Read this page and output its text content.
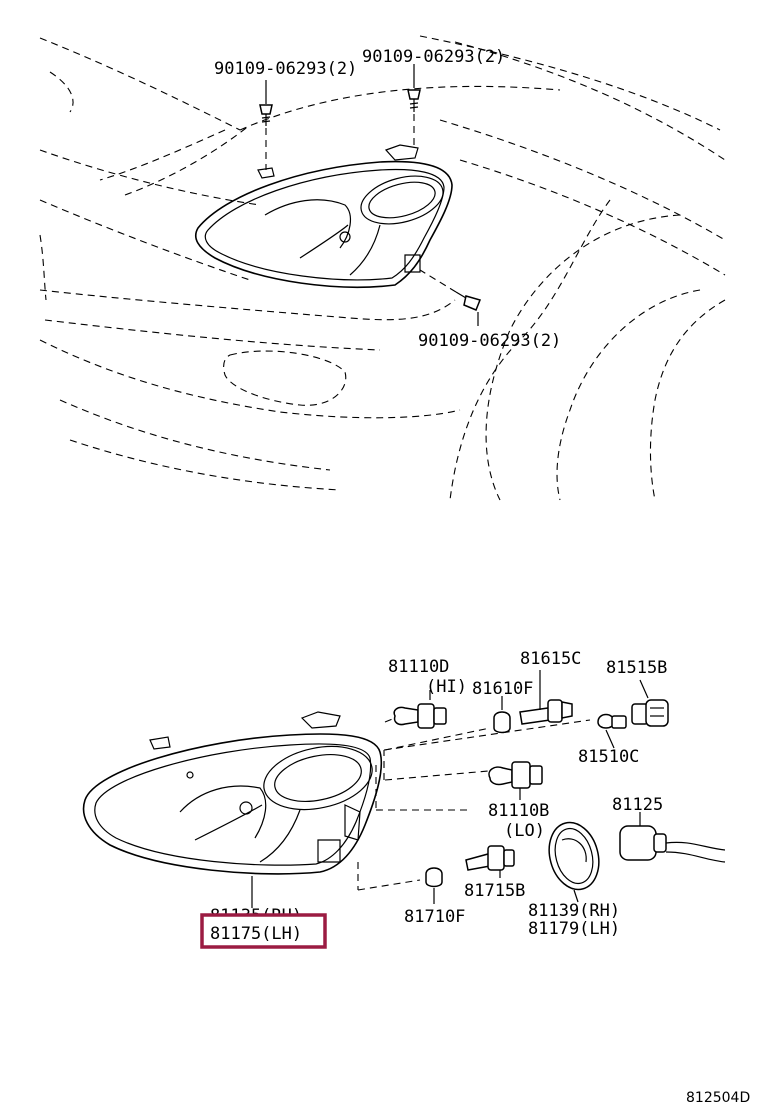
90109-06293(2)
90109-06293(2)
90109-06293(2)
81110D
(HI) 81610F
81615C 81515B
81510C
81110B
(LO)
81125
81715B
81710F	81139(RH)
81179(LH)
81175(LH)
812504D
